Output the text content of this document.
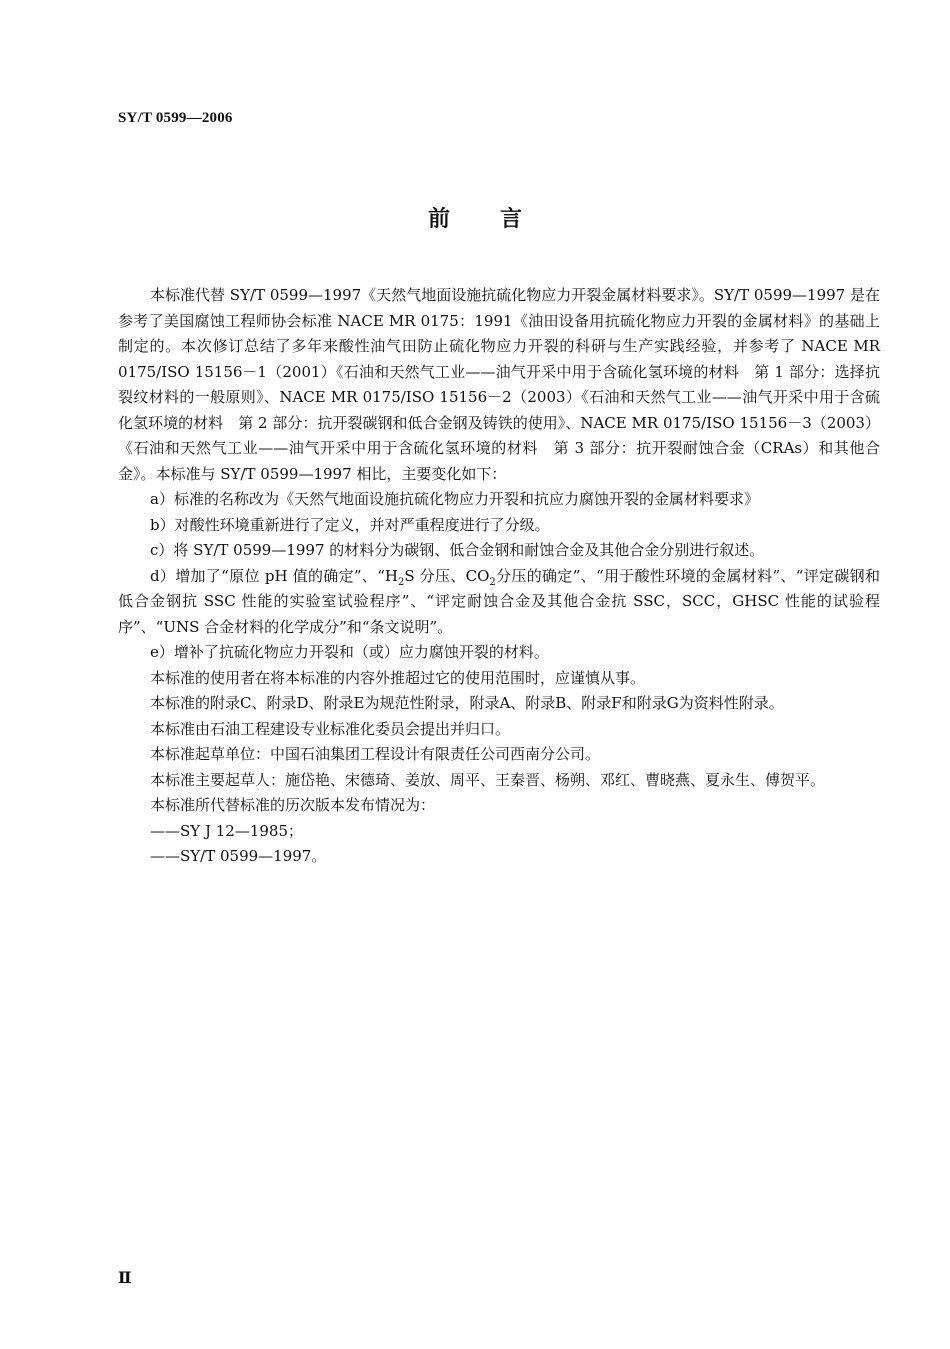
SY/T 0599—2006
前言

本标准代替 SY/T 0599—1997《天然气地面设施抗硫化物应力开裂金属材料要求》。SY/T 0599—1997 是在参考了美国腐蚀工程师协会标准 NACE MR 0175：1991《油田设备用抗硫化物应力开裂的金属材料》的基础上制定的。本次修订总结了多年来酸性油气田防止硫化物应力开裂的科研与生产实践经验，并参考了 NACE MR 0175/ISO 15156－1（2001）《石油和天然气工业——油气开采中用于含硫化氢环境的材料　第 1 部分：选择抗裂纹材料的一般原则》、NACE MR 0175/ISO 15156－2（2003）《石油和天然气工业——油气开采中用于含硫化氢环境的材料　第 2 部分：抗开裂碳钢和低合金钢及铸铁的使用》、NACE MR 0175/ISO 15156－3（2003）《石油和天然气工业——油气开采中用于含硫化氢环境的材料　第 3 部分：抗开裂耐蚀合金（CRAs）和其他合金》。本标准与 SY/T 0599—1997 相比，主要变化如下：

a）标准的名称改为《天然气地面设施抗硫化物应力开裂和抗应力腐蚀开裂的金属材料要求》

b）对酸性环境重新进行了定义，并对严重程度进行了分级。

c）将 SY/T 0599—1997 的材料分为碳钢、低合金钢和耐蚀合金及其他合金分别进行叙述。

d）增加了“原位 pH 值的确定”、“$H_2S$ 分压、$CO_2$分压的确定”、“用于酸性环境的金属材料”、“评定碳钢和低合金钢抗 SSC 性能的实验室试验程序”、“评定耐蚀合金及其他合金抗 SSC，SCC，GHSC 性能的试验程序”、“UNS 合金材料的化学成分”和“条文说明”。

e）增补了抗硫化物应力开裂和（或）应力腐蚀开裂的材料。

本标准的使用者在将本标准的内容外推超过它的使用范围时，应谨慎从事。

本标准的附录C、附录D、附录E为规范性附录，附录A、附录B、附录F和附录G为资料性附录。

本标准由石油工程建设专业标准化委员会提出并归口。

本标准起草单位：中国石油集团工程设计有限责任公司西南分公司。

本标准主要起草人：施岱艳、宋德琦、姜放、周平、王秦晋、杨朔、邓红、曹晓燕、夏永生、傅贺平。

本标准所代替标准的历次版本发布情况为：

——SY J 12—1985；

——SY/T 0599—1997。

Ⅱ
